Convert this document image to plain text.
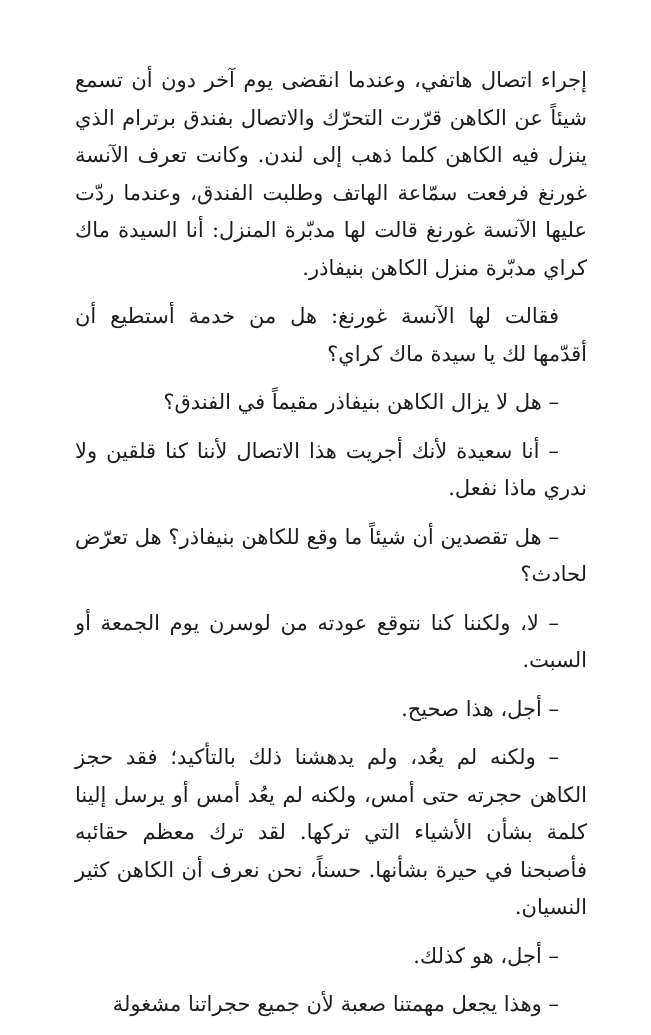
إجراء اتصال هاتفي، وعندما انقضى يوم آخر دون أن تسمع شيئاً عن الكاهن قرّرت التحرّك والاتصال بفندق برترام الذي ينزل فيه الكاهن كلما ذهب إلى لندن. وكانت تعرف الآنسة غورنغ فرفعت سمّاعة الهاتف وطلبت الفندق، وعندما ردّت عليها الآنسة غورنغ قالت لها مدبّرة المنزل: أنا السيدة ماك كراي مدبّرة منزل الكاهن بنيفاذر.

فقالت لها الآنسة غورنغ: هل من خدمة أستطيع أن أقدّمها لك يا سيدة ماك كراي؟

– هل لا يزال الكاهن بنيفاذر مقيماً في الفندق؟

– أنا سعيدة لأنك أجريت هذا الاتصال لأننا كنا قلقين ولا ندري ماذا نفعل.

– هل تقصدين أن شيئاً ما وقع للكاهن بنيفاذر؟ هل تعرّض لحادث؟

– لا، ولكننا كنا نتوقع عودته من لوسرن يوم الجمعة أو السبت.

– أجل، هذا صحيح.

– ولكنه لم يعُد، ولم يدهشنا ذلك بالتأكيد؛ فقد حجز الكاهن حجرته حتى أمس، ولكنه لم يعُد أمس أو يرسل إلينا كلمة بشأن الأشياء التي تركها. لقد ترك معظم حقائبه فأصبحنا في حيرة بشأنها. حسناً، نحن نعرف أن الكاهن كثير النسيان.

– أجل، هو كذلك.

– وهذا يجعل مهمتنا صعبة لأن جميع حجراتنا مشغولة
